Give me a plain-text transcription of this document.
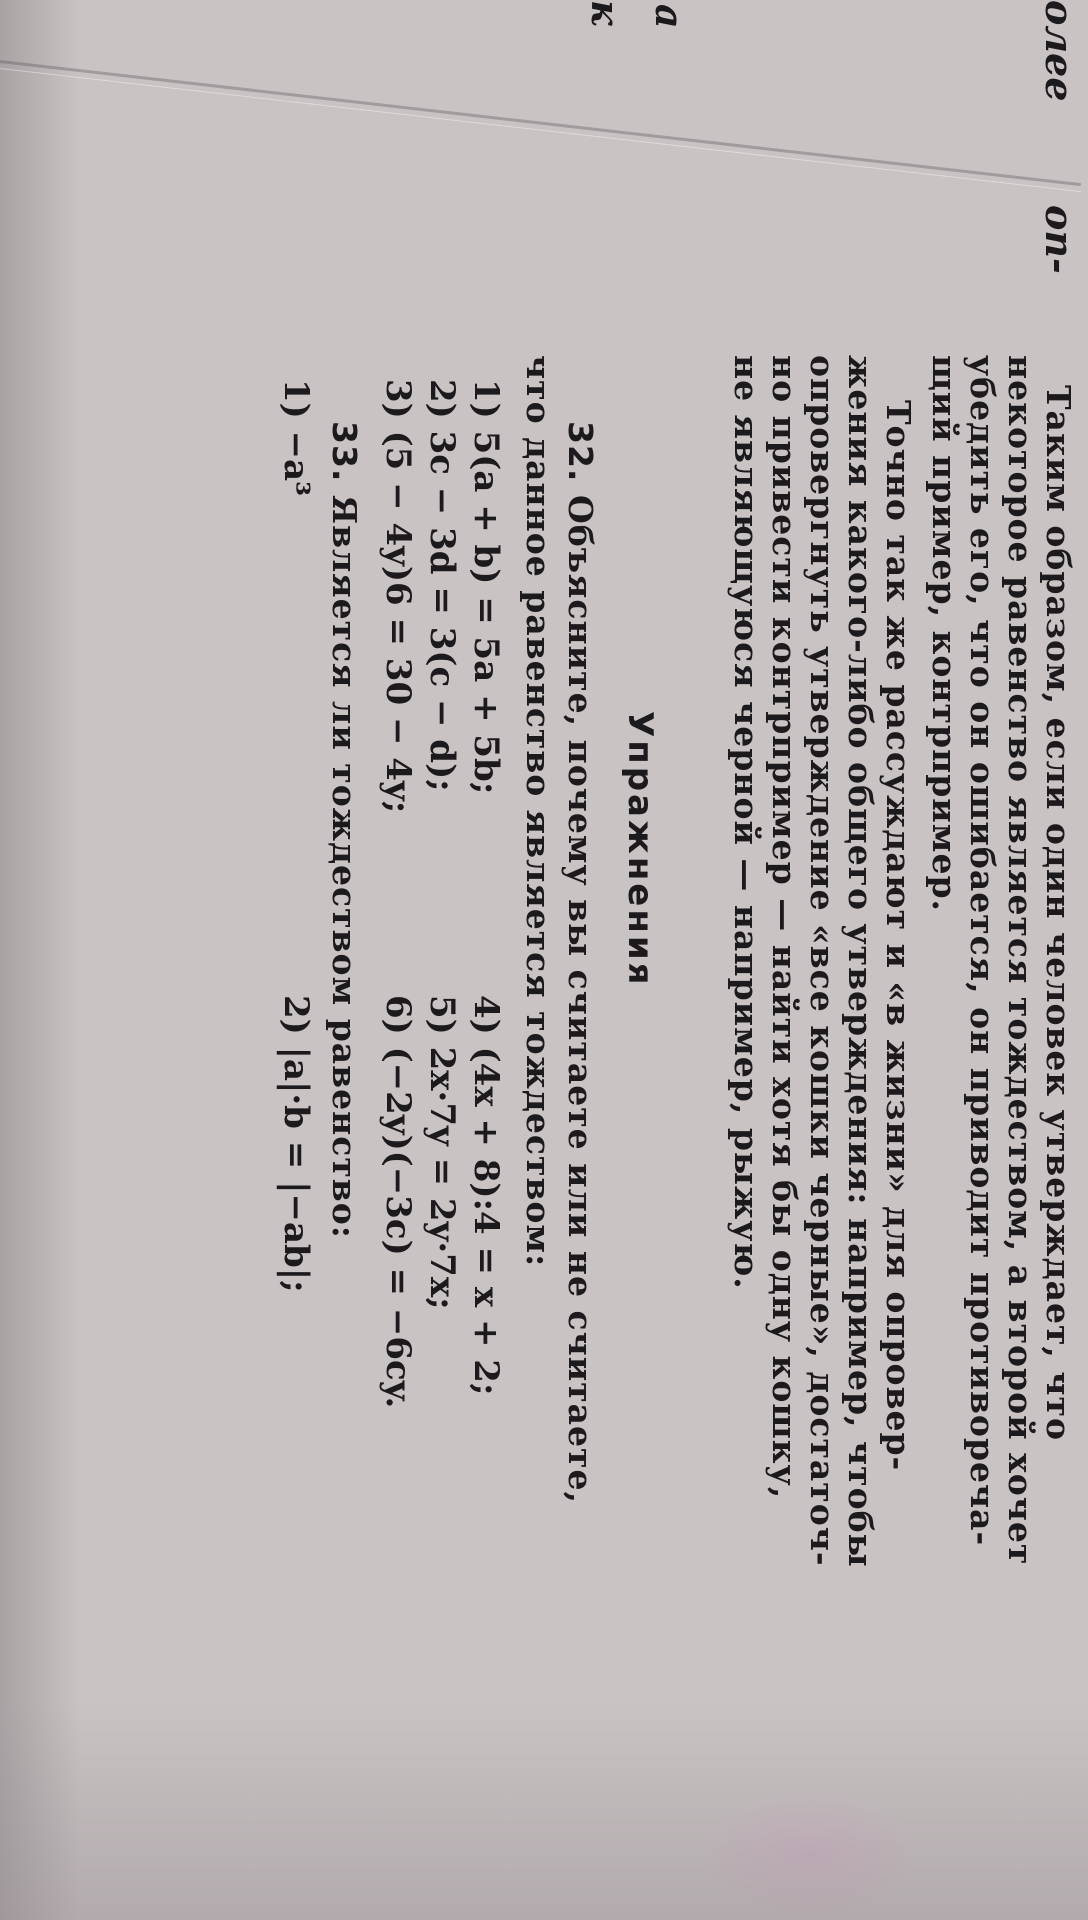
олее
оп-
а
к
Таким образом, если один человек утверждает, что
некоторое равенство является тождеством, а второй хочет
убедить его, что он ошибается, он приводит противореча-
щий пример, контрпример.
Точно так же рассуждают и «в жизни» для опровер-
жения какого-либо общего утверждения: например, чтобы
опровергнуть утверждение «все кошки черные», достаточ-
но привести контрпример — найти хотя бы одну кошку,
не являющуюся черной — например, рыжую.
Упражнения
32. Объясните, почему вы считаете или не считаете,
что данное равенство является тождеством:
1) 5(a + b) = 5a + 5b;
4) (4x + 8):4 = x + 2;
2) 3c − 3d = 3(c − d);
5) 2x·7y = 2y·7x;
3) (5 − 4y)6 = 30 − 4y;
6) (−2y)(−3c) = −6cy.
33. Является ли тождеством равенство:
1) −a³
2) |a|·b = |−ab|;
